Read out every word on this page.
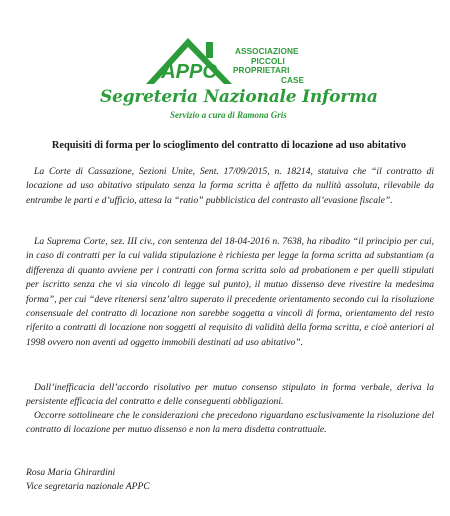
APPC
ASSOCIAZIONE
PICCOLI
PROPRIETARI
CASE
Segreteria Nazionale Informa
Servizio a cura di Ramona Gris
Requisiti di forma per lo scioglimento del contratto di locazione ad uso abitativo
La Corte di Cassazione, Sezioni Unite, Sent. 17/09/2015, n. 18214, statuiva che “il contratto di locazione ad uso abitativo stipulato senza la forma scritta è affetto da nullità assoluta, rilevabile da entrambe le parti e d’ufficio, attesa la “ratio” pubblicistica del contrasto all’evasione fiscale”.
La Suprema Corte, sez. III civ., con sentenza del 18-04-2016 n. 7638, ha ribadito “il principio per cui, in caso di contratti per la cui valida stipulazione è richiesta per legge la forma scritta ad substantiam (a differenza di quanto avviene per i contratti con forma scritta solo ad probationem e per quelli stipulati per iscritto senza che vi sia vincolo di legge sul punto), il mutuo dissenso deve rivestire la medesima forma”, per cui “deve ritenersi senz’altro superato il precedente orientamento secondo cui la risoluzione consensuale del contratto di locazione non sarebbe soggetta a vincoli di forma, orientamento del resto riferito a contratti di locazione non soggetti al requisito di validità della forma scritta, e cioè anteriori al 1998 ovvero non aventi ad oggetto immobili destinati ad uso abitativo”.
Dall’inefficacia dell’accordo risolutivo per mutuo consenso stipulato in forma verbale, deriva la persistente efficacia del contratto e delle conseguenti obbligazioni.
Occorre sottolineare che le considerazioni che precedono riguardano esclusivamente la risoluzione del contratto di locazione per mutuo dissenso e non la mera disdetta contrattuale.
Rosa Maria Ghirardini
Vice segretaria nazionale APPC
